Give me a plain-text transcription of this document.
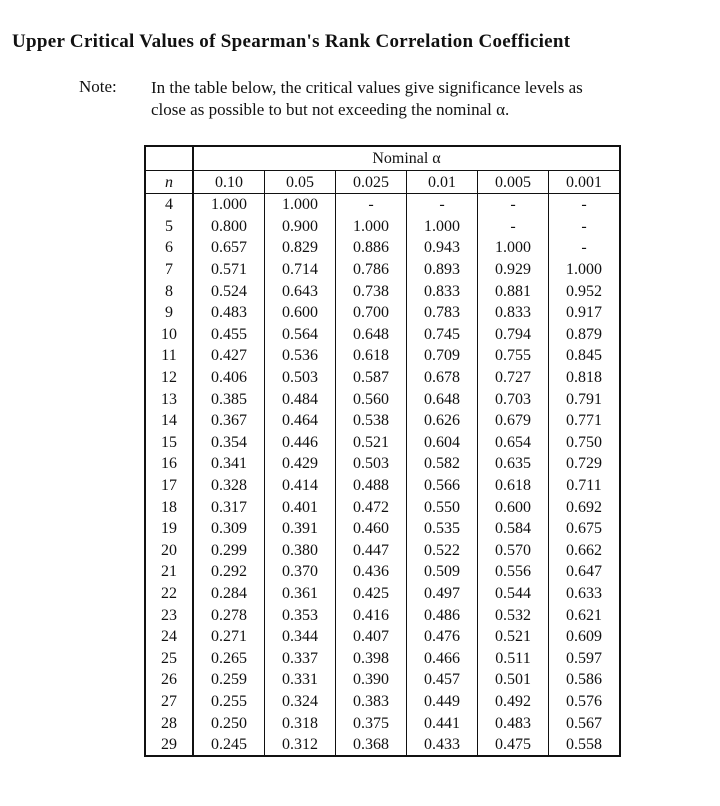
Upper Critical Values of Spearman's Rank Correlation Coefficient
Note: In the table below, the critical values give significance levels as
close as possible to but not exceeding the nominal α.
	Nominal α					
n	0.10	0.05	0.025	0.01	0.005	0.001
4	1.000	1.000	-	-	-	-
5	0.800	0.900	1.000	1.000	-	-
6	0.657	0.829	0.886	0.943	1.000	-
7	0.571	0.714	0.786	0.893	0.929	1.000
8	0.524	0.643	0.738	0.833	0.881	0.952
9	0.483	0.600	0.700	0.783	0.833	0.917
10	0.455	0.564	0.648	0.745	0.794	0.879
11	0.427	0.536	0.618	0.709	0.755	0.845
12	0.406	0.503	0.587	0.678	0.727	0.818
13	0.385	0.484	0.560	0.648	0.703	0.791
14	0.367	0.464	0.538	0.626	0.679	0.771
15	0.354	0.446	0.521	0.604	0.654	0.750
16	0.341	0.429	0.503	0.582	0.635	0.729
17	0.328	0.414	0.488	0.566	0.618	0.711
18	0.317	0.401	0.472	0.550	0.600	0.692
19	0.309	0.391	0.460	0.535	0.584	0.675
20	0.299	0.380	0.447	0.522	0.570	0.662
21	0.292	0.370	0.436	0.509	0.556	0.647
22	0.284	0.361	0.425	0.497	0.544	0.633
23	0.278	0.353	0.416	0.486	0.532	0.621
24	0.271	0.344	0.407	0.476	0.521	0.609
25	0.265	0.337	0.398	0.466	0.511	0.597
26	0.259	0.331	0.390	0.457	0.501	0.586
27	0.255	0.324	0.383	0.449	0.492	0.576
28	0.250	0.318	0.375	0.441	0.483	0.567
29	0.245	0.312	0.368	0.433	0.475	0.558
